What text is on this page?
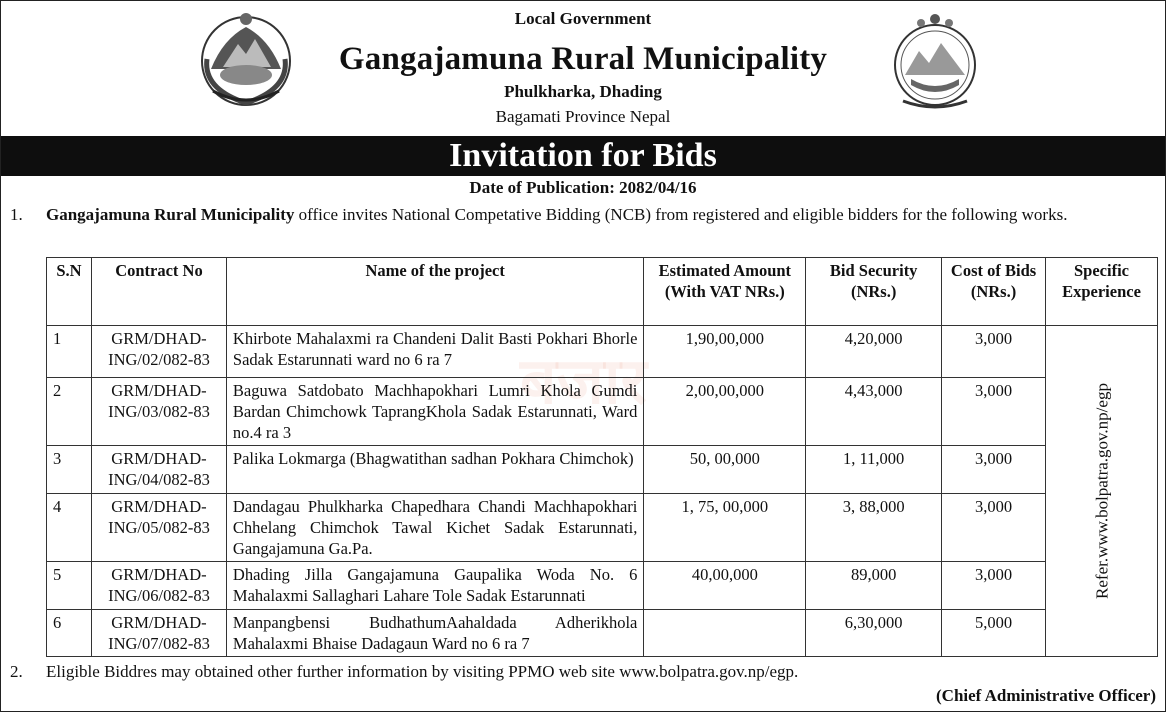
Local Government
Gangajamuna Rural Municipality
Phulkharka, Dhading
Bagamati Province Nepal
Invitation for Bids
Date of Publication: 2082/04/16
1. Gangajamuna Rural Municipality office invites National Competative Bidding (NCB) from registered and eligible bidders for the following works.
बजार
S.N	Contract No	Name of the project	Estimated Amount (With VAT NRs.)	Bid Security (NRs.)	Cost of Bids (NRs.)	Specific Experience
1	GRM/DHAD-ING/02/082-83	Khirbote Mahalaxmi ra Chandeni Dalit Basti Pokhari Bhorle Sadak Estarunnati ward no 6 ra 7	1,90,00,000	4,20,000	3,000	Refer.www.bolpatra.gov.np/egp

2	GRM/DHAD-ING/03/082-83	Baguwa Satdobato Machhapokhari Lumri Khola Gumdi Bardan Chimchowk TaprangKhola Sadak Estarunnati, Ward no.4 ra 3	2,00,00,000	4,43,000	3,000	
3	GRM/DHAD-ING/04/082-83	Palika Lokmarga (Bhagwatithan sadhan Pokhara Chimchok)	50, 00,000	1, 11,000	3,000	
4	GRM/DHAD-ING/05/082-83	Dandagau Phulkharka Chapedhara Chandi Machhapokhari Chhelang Chimchok Tawal Kichet Sadak Estarunnati, Gangajamuna Ga.Pa.	1, 75, 00,000	3, 88,000	3,000	
5	GRM/DHAD-ING/06/082-83	Dhading Jilla Gangajamuna Gaupalika Woda No. 6 Mahalaxmi Sallaghari Lahare Tole Sadak Estarunnati	40,00,000	89,000	3,000	
6	GRM/DHAD-ING/07/082-83	Manpangbensi BudhathumAahaldada Adherikhola Mahalaxmi Bhaise Dadagaun Ward no 6 ra 7		6,30,000	5,000	
2. Eligible Biddres may obtained other further information by visiting PPMO web site www.bolpatra.gov.np/egp.
(Chief Administrative Officer)
